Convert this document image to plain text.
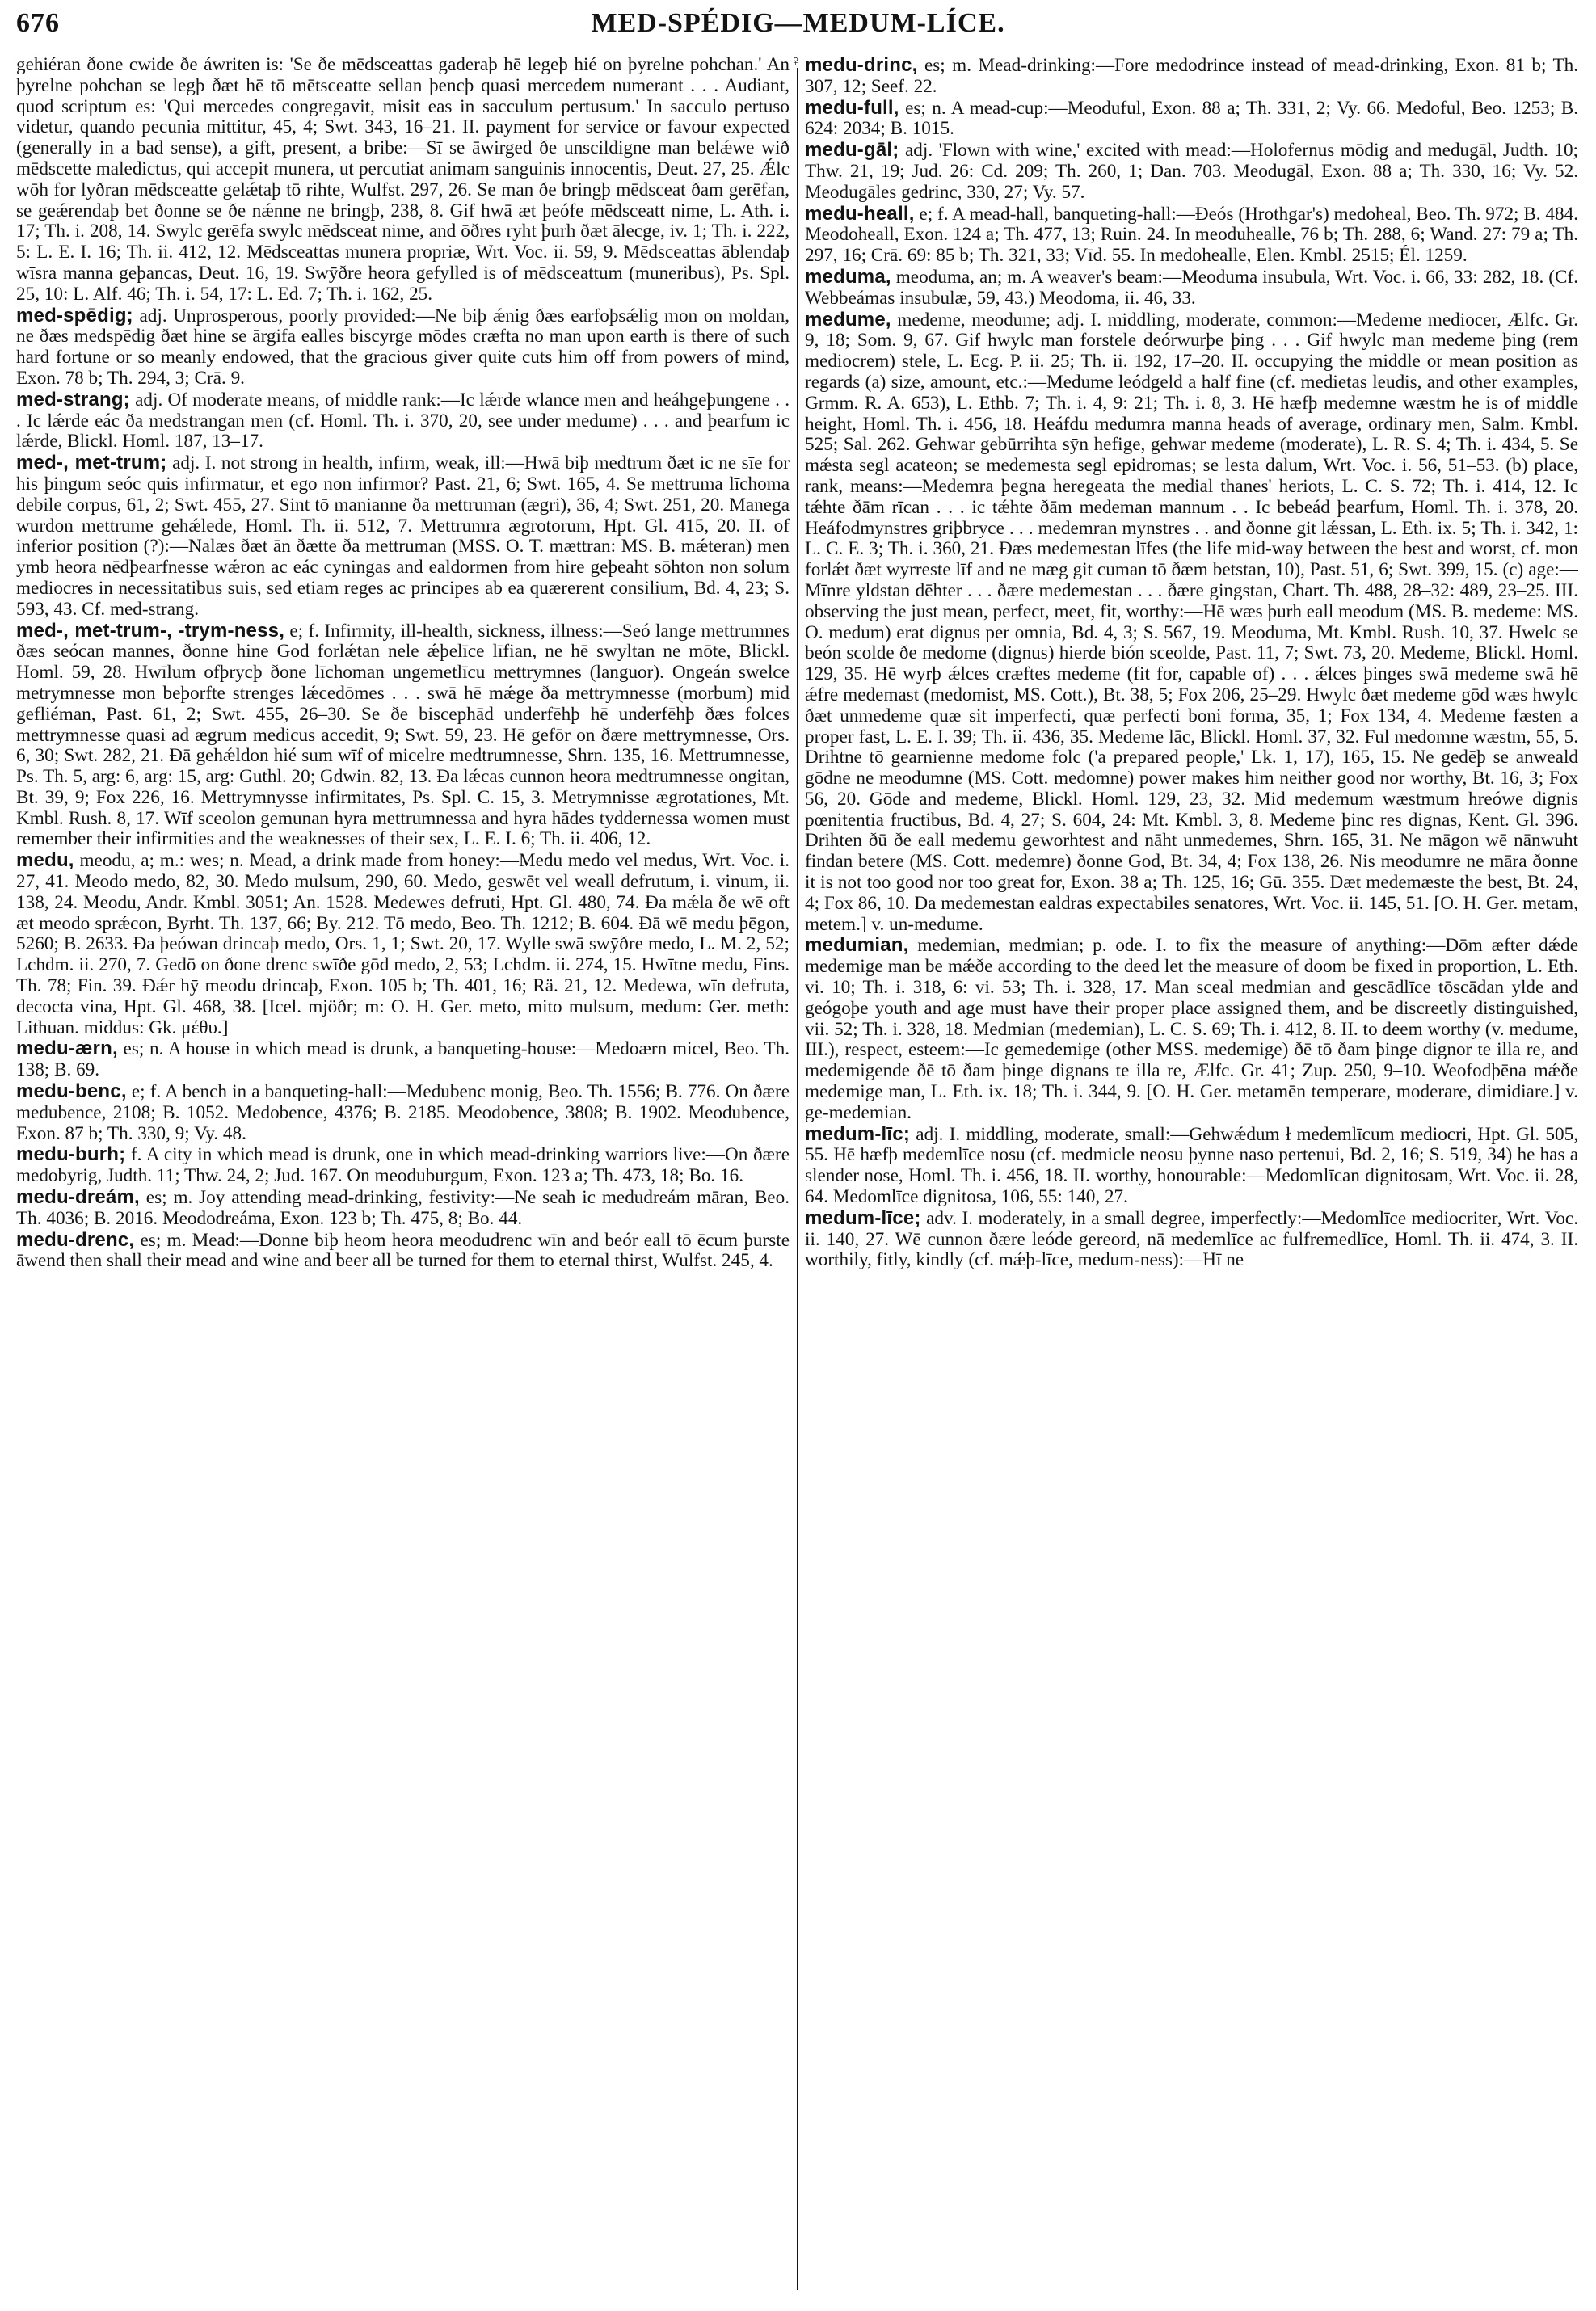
676	MED-SPÉDIG—MEDUM-LÍCE.

gehiéran ðone cwide ðe áwriten is: 'Se ðe mēdsceattas gaderaþ hē legeþ hié on þyrelne pohchan.' An þyrelne pohchan se legþ ðæt hē tō mētsceatte sellan þencþ quasi mercedem numerant . . . Audiant, quod scriptum es: 'Qui mercedes congregavit, misit eas in sacculum pertusum.' In sacculo pertuso videtur, quando pecunia mittitur, 45, 4; Swt. 343, 16–21. II. payment for service or favour expected (generally in a bad sense), a gift, present, a bribe:—Sī se āwirged ðe unscildigne man belǽwe wið mēdscette maledictus, qui accepit munera, ut percutiat animam sanguinis innocentis, Deut. 27, 25. Ǽlc wōh for lyðran mēdsceatte gelǽtaþ tō rihte, Wulfst. 297, 26. Se man ðe bringþ mēdsceat ðam gerēfan, se geǽrendaþ bet ðonne se ðe nǽnne ne bringþ, 238, 8. Gif hwā æt þeófe mēdsceatt nime, L. Ath. i. 17; Th. i. 208, 14. Swylc gerēfa swylc mēdsceat nime, and ōðres ryht þurh ðæt ālecge, iv. 1; Th. i. 222, 5: L. E. I. 16; Th. ii. 412, 12. Mēdsceattas munera propriæ, Wrt. Voc. ii. 59, 9. Mēdsceattas āblendaþ wīsra manna geþancas, Deut. 16, 19. Swȳðre heora gefylled is of mēdsceattum (muneribus), Ps. Spl. 25, 10: L. Alf. 46; Th. i. 54, 17: L. Ed. 7; Th. i. 162, 25.

med-spēdig; adj. Unprosperous, poorly provided:—Ne biþ ǽnig ðæs earfoþsǽlig mon on moldan, ne ðæs medspēdig ðæt hine se ārgifa ealles biscyrge mōdes cræfta no man upon earth is there of such hard fortune or so meanly endowed, that the gracious giver quite cuts him off from powers of mind, Exon. 78 b; Th. 294, 3; Crā. 9.

med-strang; adj. Of moderate means, of middle rank:—Ic lǽrde wlance men and heáhgeþungene . . . Ic lǽrde eác ða medstrangan men (cf. Homl. Th. i. 370, 20, see under medume) . . . and þearfum ic lǽrde, Blickl. Homl. 187, 13–17.

med-, met-trum; adj. I. not strong in health, infirm, weak, ill:—Hwā biþ medtrum ðæt ic ne sīe for his þingum seóc quis infirmatur, et ego non infirmor? Past. 21, 6; Swt. 165, 4. Se mettruma līchoma debile corpus, 61, 2; Swt. 455, 27. Sint tō manianne ða mettruman (ægri), 36, 4; Swt. 251, 20. Manega wurdon mettrume gehǽlede, Homl. Th. ii. 512, 7. Mettrumra ægrotorum, Hpt. Gl. 415, 20. II. of inferior position (?):—Nalæs ðæt ān ðætte ða mettruman (MSS. O. T. mættran: MS. B. mǽteran) men ymb heora nēdþearfnesse wǽron ac eác cyningas and ealdormen from hire geþeaht sōhton non solum mediocres in necessitatibus suis, sed etiam reges ac principes ab ea quærerent consilium, Bd. 4, 23; S. 593, 43. Cf. med-strang.

med-, met-trum-, -trym-ness, e; f. Infirmity, ill-health, sickness, illness:—Seó lange mettrumnes ðæs seócan mannes, ðonne hine God forlǽtan nele ǽþelīce līfian, ne hē swyltan ne mōte, Blickl. Homl. 59, 28. Hwīlum ofþrycþ ðone līchoman ungemetlīcu mettrymnes (languor). Ongeán swelce metrymnesse mon beþorfte strenges lǽcedōmes . . . swā hē mǽge ða mettrymnesse (morbum) mid gefliéman, Past. 61, 2; Swt. 455, 26–30. Se ðe biscephād underfēhþ hē underfēhþ ðæs folces mettrymnesse quasi ad ægrum medicus accedit, 9; Swt. 59, 23. Hē gefōr on ðære mettrymnesse, Ors. 6, 30; Swt. 282, 21. Ðā gehǽldon hié sum wīf of micelre medtrumnesse, Shrn. 135, 16. Mettrumnesse, Ps. Th. 5, arg: 6, arg: 15, arg: Guthl. 20; Gdwin. 82, 13. Ða lǽcas cunnon heora medtrumnesse ongitan, Bt. 39, 9; Fox 226, 16. Mettrymnysse infirmitates, Ps. Spl. C. 15, 3. Metrymnisse ægrotationes, Mt. Kmbl. Rush. 8, 17. Wīf sceolon gemunan hyra mettrumnessa and hyra hādes tyddernessa women must remember their infirmities and the weaknesses of their sex, L. E. I. 6; Th. ii. 406, 12.

medu, meodu, a; m.: wes; n. Mead, a drink made from honey:—Medu medo vel medus, Wrt. Voc. i. 27, 41. Meodo medo, 82, 30. Medo mulsum, 290, 60. Medo, geswēt vel weall defrutum, i. vinum, ii. 138, 24. Meodu, Andr. Kmbl. 3051; An. 1528. Medewes defruti, Hpt. Gl. 480, 74. Ða mǽla ðe wē oft æt meodo sprǽcon, Byrht. Th. 137, 66; By. 212. Tō medo, Beo. Th. 1212; B. 604. Ðā wē medu þēgon, 5260; B. 2633. Ða þeówan drincaþ medo, Ors. 1, 1; Swt. 20, 17. Wylle swā swȳðre medo, L. M. 2, 52; Lchdm. ii. 270, 7. Gedō on ðone drenc swīðe gōd medo, 2, 53; Lchdm. ii. 274, 15. Hwītne medu, Fins. Th. 78; Fin. 39. Ðǽr hȳ meodu drincaþ, Exon. 105 b; Th. 401, 16; Rä. 21, 12. Medewa, wīn defruta, decocta vina, Hpt. Gl. 468, 38. [Icel. mjöðr; m: O. H. Ger. meto, mito mulsum, medum: Ger. meth: Lithuan. middus: Gk. μέθυ.]

medu-ærn, es; n. A house in which mead is drunk, a banqueting-house:—Medoærn micel, Beo. Th. 138; B. 69.

medu-benc, e; f. A bench in a banqueting-hall:—Medubenc monig, Beo. Th. 1556; B. 776. On ðære medubence, 2108; B. 1052. Medobence, 4376; B. 2185. Meodobence, 3808; B. 1902. Meodubence, Exon. 87 b; Th. 330, 9; Vy. 48.

medu-burh; f. A city in which mead is drunk, one in which mead-drinking warriors live:—On ðære medobyrig, Judth. 11; Thw. 24, 2; Jud. 167. On meoduburgum, Exon. 123 a; Th. 473, 18; Bo. 16.

medu-dreám, es; m. Joy attending mead-drinking, festivity:—Ne seah ic medudreám māran, Beo. Th. 4036; B. 2016. Meododreáma, Exon. 123 b; Th. 475, 8; Bo. 44.

medu-drenc, es; m. Mead:—Ðonne biþ heom heora meodudrenc wīn and beór eall tō ēcum þurste āwend then shall their mead and wine and beer all be turned for them to eternal thirst, Wulfst. 245, 4.

♀

medu-drinc, es; m. Mead-drinking:—Fore medodrince instead of mead-drinking, Exon. 81 b; Th. 307, 12; Seef. 22.

medu-full, es; n. A mead-cup:—Meoduful, Exon. 88 a; Th. 331, 2; Vy. 66. Medoful, Beo. 1253; B. 624: 2034; B. 1015.

medu-gāl; adj. 'Flown with wine,' excited with mead:—Holofernus mōdig and medugāl, Judth. 10; Thw. 21, 19; Jud. 26: Cd. 209; Th. 260, 1; Dan. 703. Meodugāl, Exon. 88 a; Th. 330, 16; Vy. 52. Meodugāles gedrinc, 330, 27; Vy. 57.

medu-heall, e; f. A mead-hall, banqueting-hall:—Ðeós (Hrothgar's) medoheal, Beo. Th. 972; B. 484. Meodoheall, Exon. 124 a; Th. 477, 13; Ruin. 24. In meoduhealle, 76 b; Th. 288, 6; Wand. 27: 79 a; Th. 297, 16; Crā. 69: 85 b; Th. 321, 33; Vīd. 55. In medohealle, Elen. Kmbl. 2515; Él. 1259.

meduma, meoduma, an; m. A weaver's beam:—Meoduma insubula, Wrt. Voc. i. 66, 33: 282, 18. (Cf. Webbeámas insubulæ, 59, 43.) Meodoma, ii. 46, 33.

medume, medeme, meodume; adj. I. middling, moderate, common:—Medeme mediocer, Ælfc. Gr. 9, 18; Som. 9, 67. Gif hwylc man forstele deórwurþe þing . . . Gif hwylc man medeme þing (rem mediocrem) stele, L. Ecg. P. ii. 25; Th. ii. 192, 17–20. II. occupying the middle or mean position as regards (a) size, amount, etc.:—Medume leódgeld a half fine (cf. medietas leudis, and other examples, Grmm. R. A. 653), L. Ethb. 7; Th. i. 4, 9: 21; Th. i. 8, 3. Hē hæfþ medemne wæstm he is of middle height, Homl. Th. i. 456, 18. Heáfdu medumra manna heads of average, ordinary men, Salm. Kmbl. 525; Sal. 262. Gehwar gebūrrihta sȳn hefige, gehwar medeme (moderate), L. R. S. 4; Th. i. 434, 5. Se mǽsta segl acateon; se medemesta segl epidromas; se lesta dalum, Wrt. Voc. i. 56, 51–53. (b) place, rank, means:—Medemra þegna heregeata the medial thanes' heriots, L. C. S. 72; Th. i. 414, 12. Ic tǽhte ðām rīcan . . . ic tǽhte ðām medeman mannum . . Ic bebeád þearfum, Homl. Th. i. 378, 20. Heáfodmynstres griþbryce . . . medemran mynstres . . and ðonne git lǽssan, L. Eth. ix. 5; Th. i. 342, 1: L. C. E. 3; Th. i. 360, 21. Ðæs medemestan līfes (the life mid-way between the best and worst, cf. mon forlǽt ðæt wyrreste līf and ne mæg git cuman tō ðæm betstan, 10), Past. 51, 6; Swt. 399, 15. (c) age:—Mīnre yldstan dēhter . . . ðære medemestan . . . ðære gingstan, Chart. Th. 488, 28–32: 489, 23–25. III. observing the just mean, perfect, meet, fit, worthy:—Hē wæs þurh eall meodum (MS. B. medeme: MS. O. medum) erat dignus per omnia, Bd. 4, 3; S. 567, 19. Meoduma, Mt. Kmbl. Rush. 10, 37. Hwelc se beón scolde ðe medome (dignus) hierde bión sceolde, Past. 11, 7; Swt. 73, 20. Medeme, Blickl. Homl. 129, 35. Hē wyrþ ǽlces cræftes medeme (fit for, capable of) . . . ǽlces þinges swā medeme swā hē ǽfre medemast (medomist, MS. Cott.), Bt. 38, 5; Fox 206, 25–29. Hwylc ðæt medeme gōd wæs hwylc ðæt unmedeme quæ sit imperfecti, quæ perfecti boni forma, 35, 1; Fox 134, 4. Medeme fæsten a proper fast, L. E. I. 39; Th. ii. 436, 35. Medeme lāc, Blickl. Homl. 37, 32. Ful medomne wæstm, 55, 5. Drihtne tō gearnienne medome folc ('a prepared people,' Lk. 1, 17), 165, 15. Ne gedēþ se anweald gōdne ne meodumne (MS. Cott. medomne) power makes him neither good nor worthy, Bt. 16, 3; Fox 56, 20. Gōde and medeme, Blickl. Homl. 129, 23, 32. Mid medemum wæstmum hreówe dignis pœnitentia fructibus, Bd. 4, 27; S. 604, 24: Mt. Kmbl. 3, 8. Medeme þinc res dignas, Kent. Gl. 396. Drihten ðū ðe eall medemu geworhtest and nāht unmedemes, Shrn. 165, 31. Ne māgon wē nānwuht findan betere (MS. Cott. medemre) ðonne God, Bt. 34, 4; Fox 138, 26. Nis meodumre ne māra ðonne it is not too good nor too great for, Exon. 38 a; Th. 125, 16; Gū. 355. Ðæt medemæste the best, Bt. 24, 4; Fox 86, 10. Ða medemestan ealdras expectabiles senatores, Wrt. Voc. ii. 145, 51. [O. H. Ger. metam, metem.] v. un-medume.

medumian, medemian, medmian; p. ode. I. to fix the measure of anything:—Dōm æfter dǽde medemige man be mǽðe according to the deed let the measure of doom be fixed in proportion, L. Eth. vi. 10; Th. i. 318, 6: vi. 53; Th. i. 328, 17. Man sceal medmian and gescādlīce tōscādan ylde and geógoþe youth and age must have their proper place assigned them, and be discreetly distinguished, vii. 52; Th. i. 328, 18. Medmian (medemian), L. C. S. 69; Th. i. 412, 8. II. to deem worthy (v. medume, III.), respect, esteem:—Ic gemedemige (other MSS. medemige) ðē tō ðam þinge dignor te illa re, and medemigende ðē tō ðam þinge dignans te illa re, Ælfc. Gr. 41; Zup. 250, 9–10. Weofodþēna mǽðe medemige man, L. Eth. ix. 18; Th. i. 344, 9. [O. H. Ger. metamēn temperare, moderare, dimidiare.] v. ge-medemian.

medum-līc; adj. I. middling, moderate, small:—Gehwǽdum ł medemlīcum mediocri, Hpt. Gl. 505, 55. Hē hæfþ medemlīce nosu (cf. medmicle neosu þynne naso pertenui, Bd. 2, 16; S. 519, 34) he has a slender nose, Homl. Th. i. 456, 18. II. worthy, honourable:—Medomlīcan dignitosam, Wrt. Voc. ii. 28, 64. Medomlīce dignitosa, 106, 55: 140, 27.

medum-līce; adv. I. moderately, in a small degree, imperfectly:—Medomlīce mediocriter, Wrt. Voc. ii. 140, 27. Wē cunnon ðære leóde gereord, nā medemlīce ac fulfremedlīce, Homl. Th. ii. 474, 3. II. worthily, fitly, kindly (cf. mǽþ-līce, medum-ness):—Hī ne
